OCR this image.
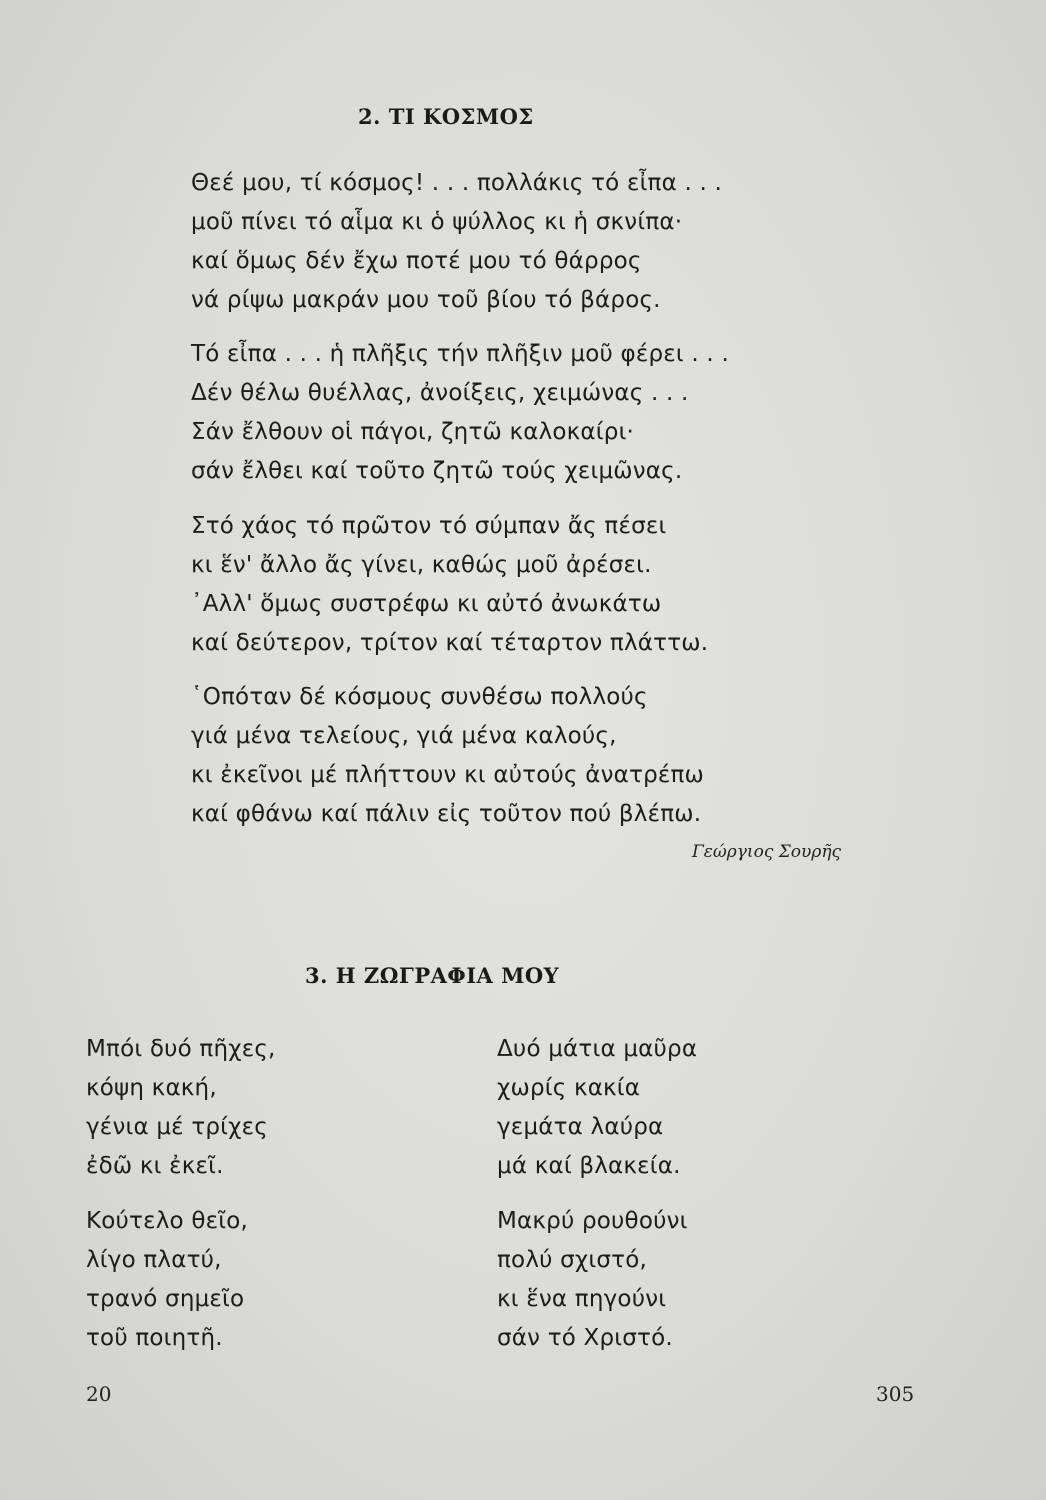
2. ΤΙ ΚΟΣΜΟΣ
Θεέ μου, τί κόσμος! . . . πολλάκις τό εἶπα . . .
μοῦ πίνει τό αἷμα κι ὁ ψύλλος κι ἡ σκνίπα·
καί ὅμως δέν ἔχω ποτέ μου τό θάρρος
νά ρίψω μακράν μου τοῦ βίου τό βάρος.
Τό εἶπα . . . ἡ πλῆξις τήν πλῆξιν μοῦ φέρει . . .
Δέν θέλω θυέλλας, ἀνοίξεις, χειμώνας . . .
Σάν ἔλθουν οἱ πάγοι, ζητῶ καλοκαίρι·
σάν ἔλθει καί τοῦτο ζητῶ τούς χειμῶνας.
Στό χάος τό πρῶτον τό σύμπαν ἄς πέσει
κι ἕν' ἄλλο ἄς γίνει, καθώς μοῦ ἀρέσει.
᾿Αλλ' ὅμως συστρέφω κι αὐτό ἀνωκάτω
καί δεύτερον, τρίτον καί τέταρτον πλάττω.
῾Οπόταν δέ κόσμους συνθέσω πολλούς
γιά μένα τελείους, γιά μένα καλούς,
κι ἐκεῖνοι μέ πλήττουν κι αὐτούς ἀνατρέπω
καί φθάνω καί πάλιν εἰς τοῦτον πού βλέπω.
Γεώργιος Σουρῆς
3. Η ΖΩΓΡΑΦΙΑ ΜΟΥ
Μπόι δυό πῆχες,
κόψη κακή,
γένια μέ τρίχες
ἐδῶ κι ἐκεῖ.
Κούτελο θεῖο,
λίγο πλατύ,
τρανό σημεῖο
τοῦ ποιητῆ.
Δυό μάτια μαῦρα
χωρίς κακία
γεμάτα λαύρα
μά καί βλακεία.
Μακρύ ρουθούνι
πολύ σχιστό,
κι ἕνα πηγούνι
σάν τό Χριστό.
20	305
